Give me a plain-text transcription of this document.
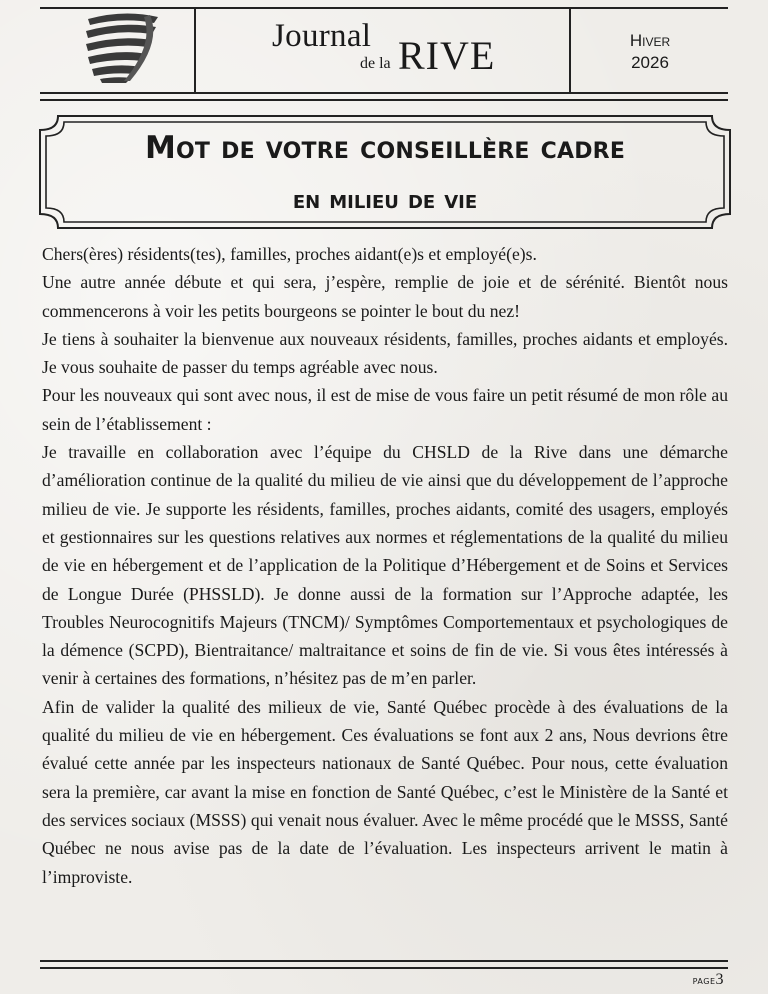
Journal
de la RIVE	Hiver
2026
Mot de votre conseillère cadre
en milieu de vie

Chers(ères) résidents(tes), familles, proches aidant(e)s et employé(e)s.

Une autre année débute et qui sera, j’espère, remplie de joie et de sérénité. Bientôt nous commencerons à voir les petits bourgeons se pointer le bout du nez!

Je tiens à souhaiter la bienvenue aux nouveaux résidents, familles, proches aidants et employés. Je vous souhaite de passer du temps agréable avec nous.

Pour les nouveaux qui sont avec nous, il est de mise de vous faire un petit résumé de mon rôle au sein de l’établissement :

Je travaille en collaboration avec l’équipe du CHSLD de la Rive dans une démarche d’amélioration continue de la qualité du milieu de vie ainsi que du développement de l’approche milieu de vie. Je supporte les résidents, familles, proches aidants, comité des usagers, employés et gestionnaires sur les questions relatives aux normes et réglementations de la qualité du milieu de vie en hébergement et de l’application de la Politique d’Hébergement et de Soins et Services de Longue Durée (PHSSLD). Je donne aussi de la formation sur l’Approche adaptée, les Troubles Neurocognitifs Majeurs (TNCM)/ Symptômes Comportementaux et psychologiques de la démence (SCPD), Bientraitance/ maltraitance et soins de fin de vie. Si vous êtes intéressés à venir à certaines des formations, n’hésitez pas de m’en parler.

Afin de valider la qualité des milieux de vie, Santé Québec procède à des évaluations de la qualité du milieu de vie en hébergement. Ces évaluations se font aux 2 ans, Nous devrions être évalué cette année par les inspecteurs nationaux de Santé Québec. Pour nous, cette évaluation sera la première, car avant la mise en fonction de Santé Québec, c’est le Ministère de la Santé et des services sociaux (MSSS) qui venait nous évaluer. Avec le même procédé que le MSSS, Santé Québec ne nous avise pas de la date de l’évaluation. Les inspecteurs arrivent le matin à l’improviste.

page3
